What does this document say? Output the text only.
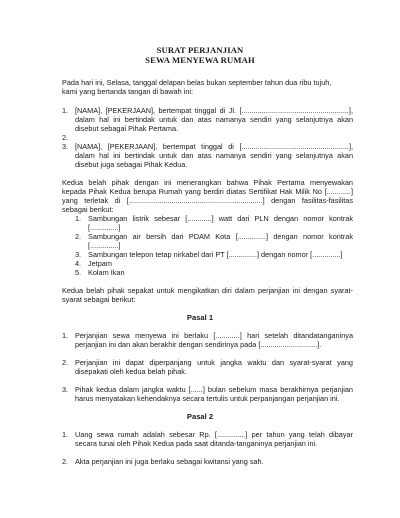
SURAT PERJANJIAN
SEWA MENYEWA RUMAH
Pada hari ini, Selasa, tanggal delapan belas bukan september tahun dua ribu tujuh,
kami yang bertanda tangan di bawah ini:
1. [NAMA], [PEKERJAAN], bertempat tinggal di Jl. [.....................................................],
dalam hal ini bertindak untuk dan atas namanya sendiri yang selanjutnya akan
disebut sebagai Pihak Pertama.
2.
3. [NAMA], [PEKERJAAN], bertempat tinggal di [.....................................................],
dalam hal ini bertindak untuk dan atas namanya sendiri yang selanjutnya akan
disebut juga sebagai Pihak Kedua.
Kedua belah pihak dengan ini menerangkan bahwa Pihak Pertama menyewakan
kepada Pihak Kedua berupa Rumah yang berdiri diatas Sertifikat Hak Milik No [............]
yang terletak di [..................................................................] dengan fasilitas-fasilitas
sebagai berikut:
1. Sambungan listrik sebesar [............] watt dari PLN dengan nomor kontrak
[..............]
2. Sambungan air bersih dari PDAM Kota [..............] dengan nomor kontrak
[..............]
3. Sambungan telepon tetap nirkabel dari PT [..............] dengan nomor [..............]
4. Jetpam
5. Kolam Ikan
Kedua belah pihak sepakat untuk mengikatkan diri dalam perjanjian ini dengan syarat-
syarat sebagai berikut:
Pasal 1
1. Perjanjian sewa menyewa ini berlaku [............] hari setelah ditandatanganinya
perjanjian ini dan akan berakhir dengan sendirinya pada [............................].
2. Perjanjian ini dapat diperpanjang untuk jangka waktu dan syarat-syarat yang
disepakati oleh kedua belah pihak.
3. Pihak kedua dalam jangka waktu [......] bulan sebelum masa berakhirnya perjanjian
harus menyatakan kehendaknya secara tertulis untuk perpanjangan perjanjian ini.
Pasal 2
1. Uang sewa rumah adalah sebesar Rp. [..............] per tahun yang telah dibayar
secara tunai oleh Pihak Kedua pada saat ditanda-tanganinya perjanjian ini.
2. Akta perjanjian ini juga berlaku sebagai kwitansi yang sah.
